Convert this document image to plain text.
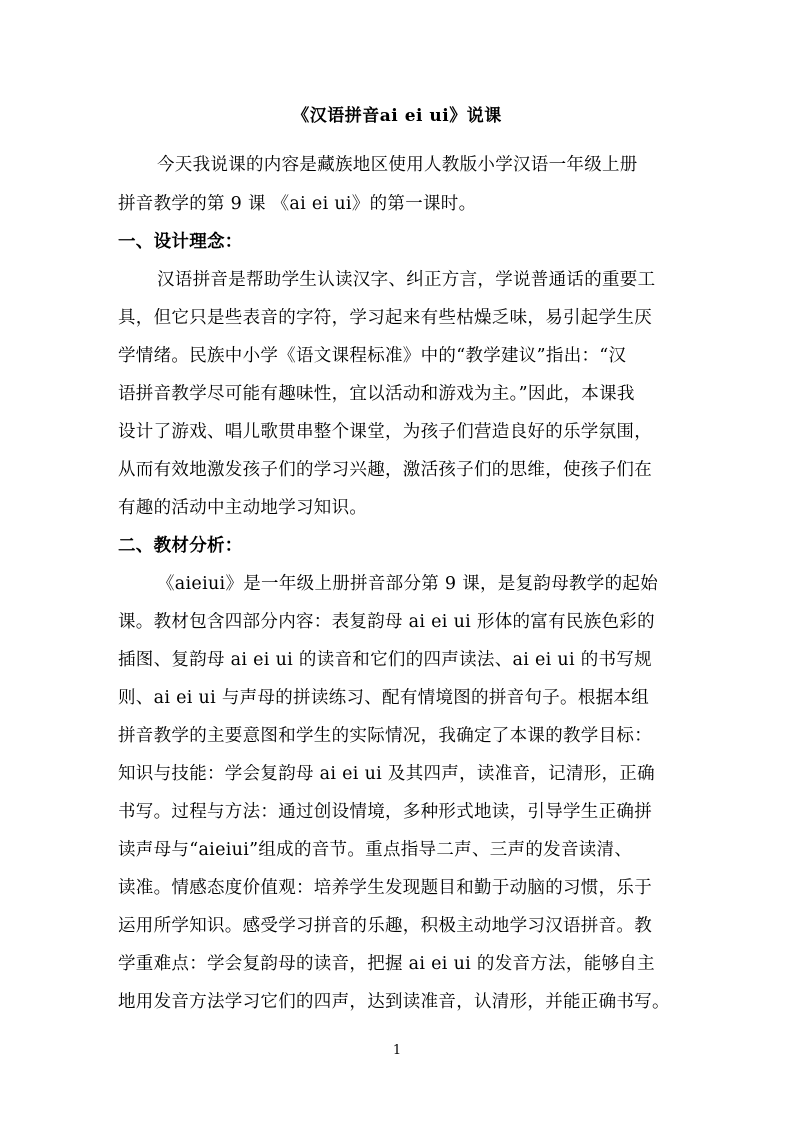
《汉语拼音ai ei ui》说课
今天我说课的内容是藏族地区使用人教版小学汉语一年级上册
拼音教学的第 9 课 《ai ei ui》的第一课时。
一、设计理念：
汉语拼音是帮助学生认读汉字、纠正方言，学说普通话的重要工
具，但它只是些表音的字符，学习起来有些枯燥乏味，易引起学生厌
学情绪。民族中小学《语文课程标准》中的“教学建议”指出：“汉
语拼音教学尽可能有趣味性，宜以活动和游戏为主。”因此，本课我
设计了游戏、唱儿歌贯串整个课堂，为孩子们营造良好的乐学氛围，
从而有效地激发孩子们的学习兴趣，激活孩子们的思维，使孩子们在
有趣的活动中主动地学习知识。
二、教材分析：
《aieiui》是一年级上册拼音部分第 9 课，是复韵母教学的起始
课。教材包含四部分内容：表复韵母 ai ei ui 形体的富有民族色彩的
插图、复韵母 ai ei ui 的读音和它们的四声读法、ai ei ui 的书写规
则、ai ei ui 与声母的拼读练习、配有情境图的拼音句子。根据本组
拼音教学的主要意图和学生的实际情况，我确定了本课的教学目标：
知识与技能：学会复韵母 ai ei ui 及其四声，读准音，记清形，正确
书写。过程与方法：通过创设情境，多种形式地读，引导学生正确拼
读声母与“aieiui”组成的音节。重点指导二声、三声的发音读清、
读准。情感态度价值观：培养学生发现题目和勤于动脑的习惯，乐于
运用所学知识。感受学习拼音的乐趣，积极主动地学习汉语拼音。教
学重难点：学会复韵母的读音，把握 ai ei ui 的发音方法，能够自主
地用发音方法学习它们的四声，达到读准音，认清形，并能正确书写。
1
